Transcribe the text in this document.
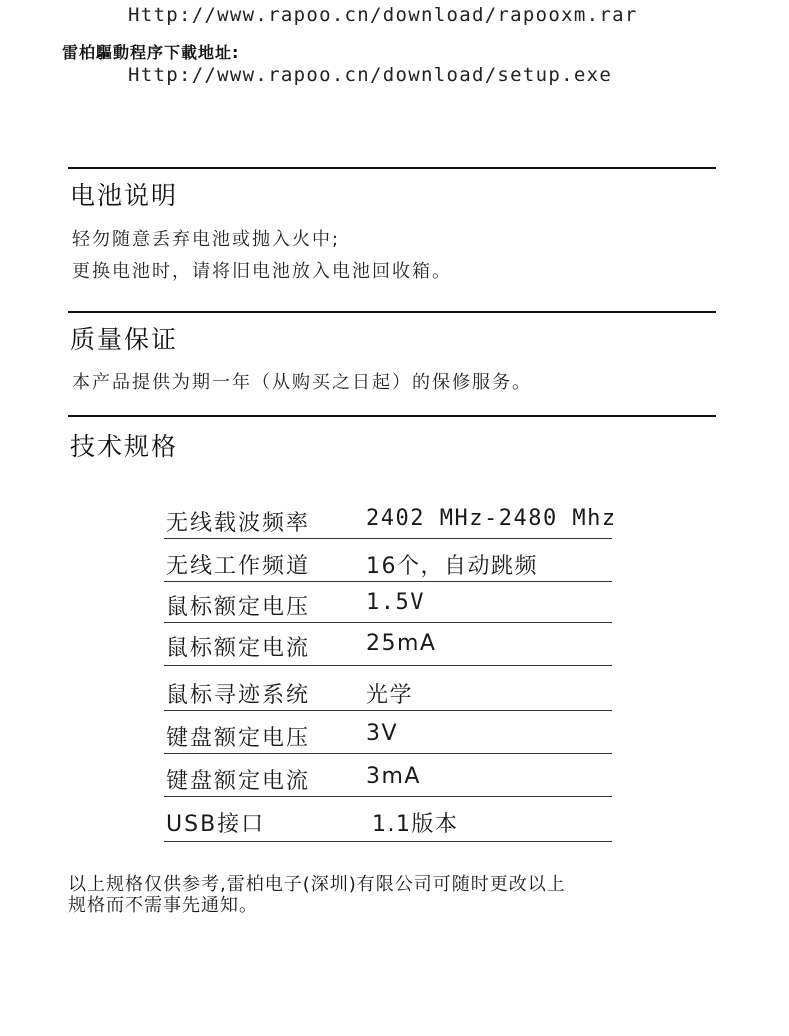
Http://www.rapoo.cn/download/rapooxm.rar
雷柏驅動程序下載地址:
Http://www.rapoo.cn/download/setup.exe
电池说明
轻勿随意丢弃电池或抛入火中;
更换电池时，请将旧电池放入电池回收箱。
质量保证
本产品提供为期一年（从购买之日起）的保修服务。
技术规格
无线载波频率	2402 MHz-2480 Mhz
无线工作频道	16个，自动跳频
鼠标额定电压	1.5V
鼠标额定电流	25mA
鼠标寻迹系统	光学
键盘额定电压	3V
键盘额定电流	3mA
USB接口	1.1版本
以上规格仅供参考,雷柏电子(深圳)有限公司可随时更改以上
规格而不需事先通知。
